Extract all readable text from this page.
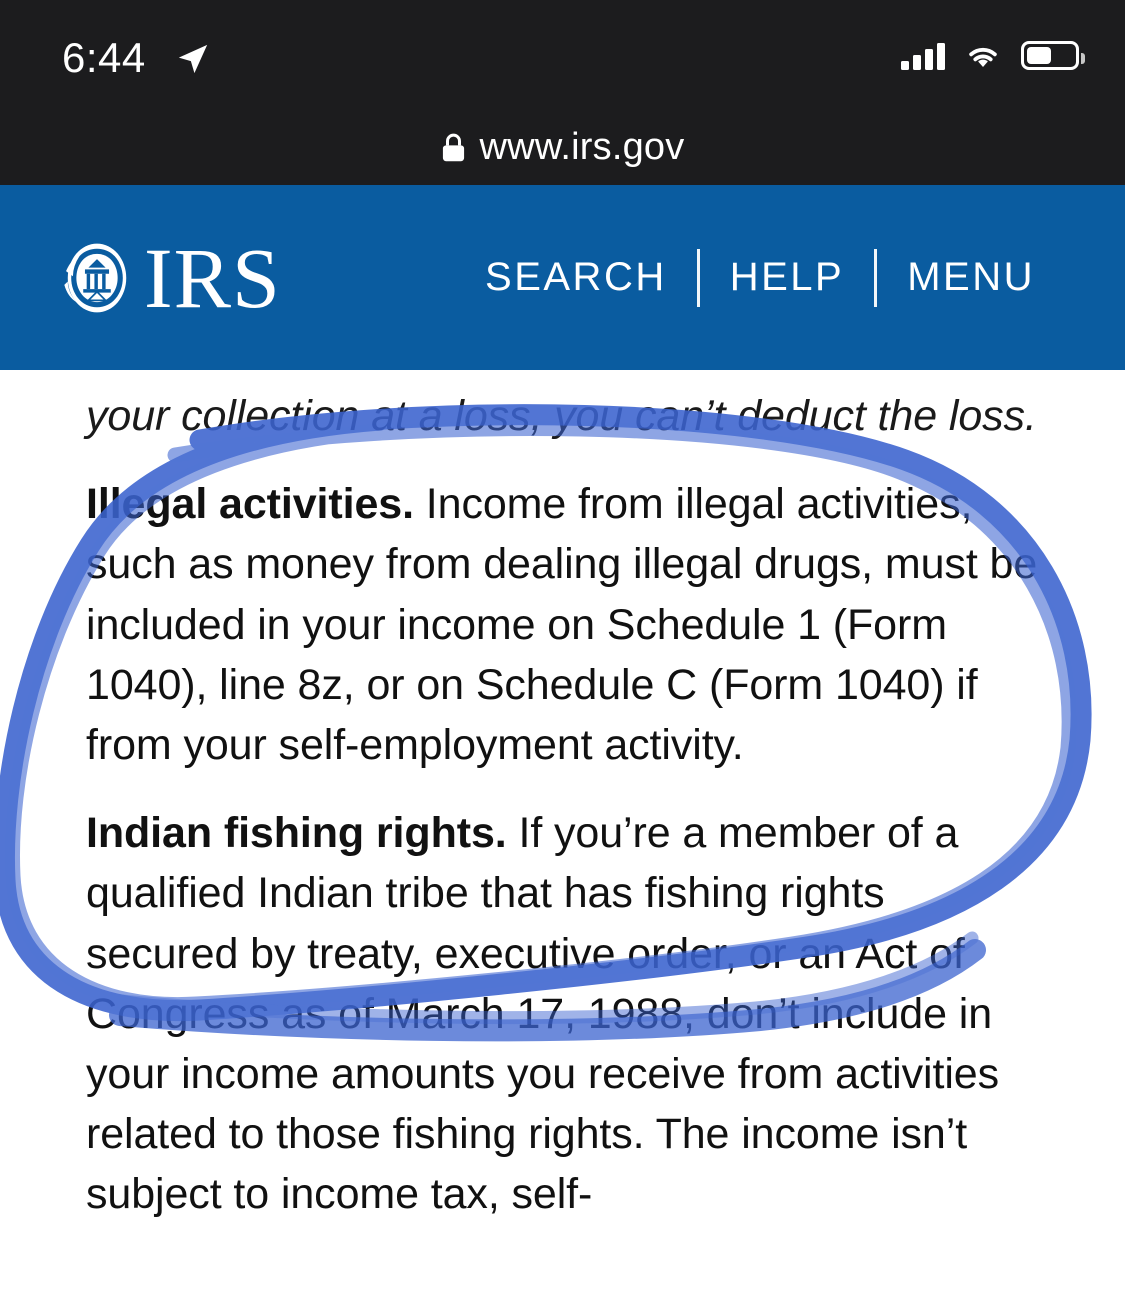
6:44
www.irs.gov
IRS	SEARCH	HELP	MENU

your collection at a loss, you can’t deduct the loss.

Illegal activities. Income from illegal activities, such as money from dealing illegal drugs, must be included in your income on Schedule 1 (Form 1040), line 8z, or on Schedule C (Form 1040) if from your self-employment activity.

Indian fishing rights. If you’re a member of a qualified Indian tribe that has fishing rights secured by treaty, executive order, or an Act of Congress as of March 17, 1988, don’t include in your income amounts you receive from activities related to those fishing rights. The income isn’t subject to income tax, self-
